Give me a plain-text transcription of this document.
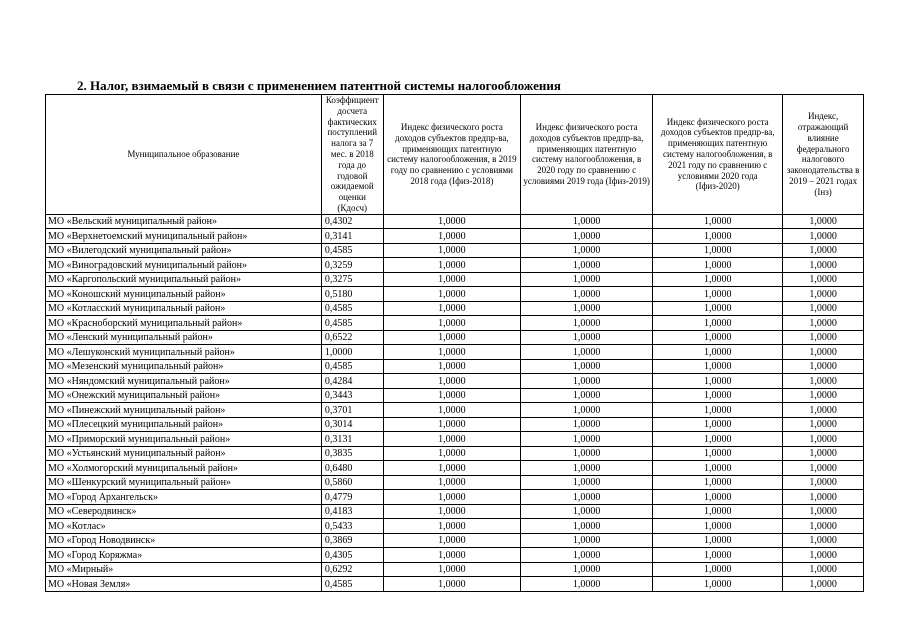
2. Налог, взимаемый в связи с применением патентной системы налогообложения
Муниципальное образование	Коэффициент досчета фактических поступлений налога за 7 мес. в 2018 года до годовой ожидаемой оценки (Кдосч)	Индекс физического роста доходов субъектов предпр-ва, применяющих патентную систему налогообложения, в 2019 году по сравнению с условиями 2018 года (Iфиз-2018)	Индекс физического роста доходов субъектов предпр-ва, применяющих патентную систему налогообложения, в 2020 году по сравнению с условиями 2019 года (Iфиз-2019)	Индекс физического роста доходов субъектов предпр-ва, применяющих патентную систему налогообложения, в 2021 году по сравнению с условиями 2020 года (Iфиз-2020)	Индекс, отражающий влияние федерального налогового законодательства в 2019 – 2021 годах (Iнз)
МО «Вельский муниципальный район»	0,4302	1,0000	1,0000	1,0000	1,0000
МО «Верхнетоемский муниципальный район»	0,3141	1,0000	1,0000	1,0000	1,0000
МО «Вилегодский муниципальный район»	0,4585	1,0000	1,0000	1,0000	1,0000
МО «Виноградовский муниципальный район»	0,3259	1,0000	1,0000	1,0000	1,0000
МО «Каргопольский муниципальный район»	0,3275	1,0000	1,0000	1,0000	1,0000
МО «Коношский муниципальный район»	0,5180	1,0000	1,0000	1,0000	1,0000
МО «Котласский муниципальный район»	0,4585	1,0000	1,0000	1,0000	1,0000
МО «Красноборский муниципальный район»	0,4585	1,0000	1,0000	1,0000	1,0000
МО «Ленский муниципальный район»	0,6522	1,0000	1,0000	1,0000	1,0000
МО «Лешуконский муниципальный район»	1,0000	1,0000	1,0000	1,0000	1,0000
МО «Мезенский муниципальный район»	0,4585	1,0000	1,0000	1,0000	1,0000
МО «Няндомский муниципальный район»	0,4284	1,0000	1,0000	1,0000	1,0000
МО «Онежский муниципальный район»	0,3443	1,0000	1,0000	1,0000	1,0000
МО «Пинежский муниципальный район»	0,3701	1,0000	1,0000	1,0000	1,0000
МО «Плесецкий муниципальный район»	0,3014	1,0000	1,0000	1,0000	1,0000
МО «Приморский муниципальный район»	0,3131	1,0000	1,0000	1,0000	1,0000
МО «Устьянский муниципальный район»	0,3835	1,0000	1,0000	1,0000	1,0000
МО «Холмогорский муниципальный район»	0,6480	1,0000	1,0000	1,0000	1,0000
МО «Шенкурский муниципальный район»	0,5860	1,0000	1,0000	1,0000	1,0000
МО «Город Архангельск»	0,4779	1,0000	1,0000	1,0000	1,0000
МО «Северодвинск»	0,4183	1,0000	1,0000	1,0000	1,0000
МО «Котлас»	0,5433	1,0000	1,0000	1,0000	1,0000
МО «Город Новодвинск»	0,3869	1,0000	1,0000	1,0000	1,0000
МО «Город Коряжма»	0,4305	1,0000	1,0000	1,0000	1,0000
МО «Мирный»	0,6292	1,0000	1,0000	1,0000	1,0000
МО «Новая Земля»	0,4585	1,0000	1,0000	1,0000	1,0000
